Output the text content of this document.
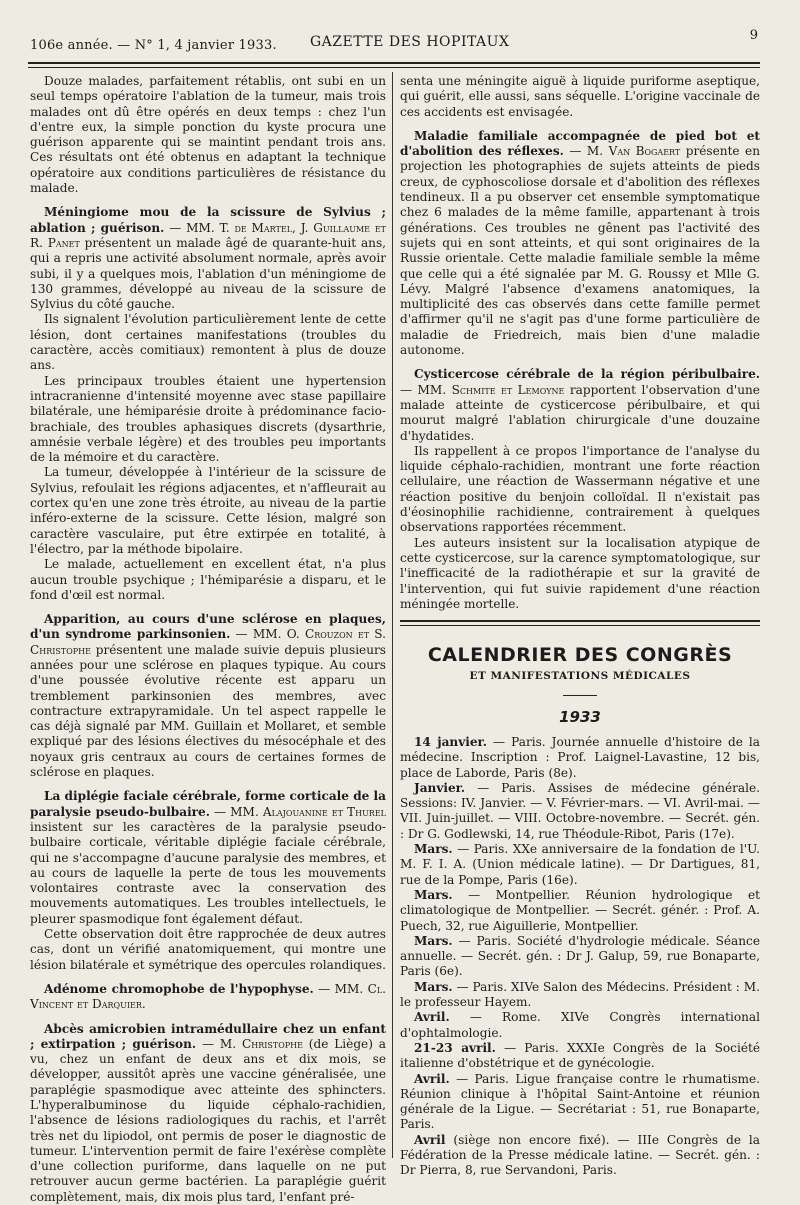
106e année. — N° 1, 4 janvier 1933. GAZETTE DES HOPITAUX	9

Douze malades, parfaitement rétablis, ont subi en un seul temps opératoire l'ablation de la tumeur, mais trois malades ont dû être opérés en deux temps : chez l'un d'entre eux, la simple ponction du kyste procura une guérison apparente qui se maintint pendant trois ans. Ces résultats ont été obtenus en adaptant la technique opératoire aux conditions particulières de résistance du malade.

Méningiome mou de la scissure de Sylvius ; ablation ; guérison. — MM. T. de Martel, J. Guillaume et R. Panet présentent un malade âgé de quarante-huit ans, qui a repris une activité absolument normale, après avoir subi, il y a quelques mois, l'ablation d'un méningiome de 130 grammes, développé au niveau de la scissure de Sylvius du côté gauche.

Ils signalent l'évolution particulièrement lente de cette lésion, dont certaines manifestations (troubles du caractère, accès comitiaux) remontent à plus de douze ans.

Les principaux troubles étaient une hypertension intracranienne d'intensité moyenne avec stase papillaire bilatérale, une hémiparésie droite à prédominance facio-brachiale, des troubles aphasiques discrets (dysarthrie, amnésie verbale légère) et des troubles peu importants de la mémoire et du caractère.

La tumeur, développée à l'intérieur de la scissure de Sylvius, refoulait les régions adjacentes, et n'affleurait au cortex qu'en une zone très étroite, au niveau de la partie inféro-externe de la scissure. Cette lésion, malgré son caractère vasculaire, put être extirpée en totalité, à l'électro, par la méthode bipolaire.

Le malade, actuellement en excellent état, n'a plus aucun trouble psychique ; l'hémiparésie a disparu, et le fond d'œil est normal.

Apparition, au cours d'une sclérose en plaques, d'un syndrome parkinsonien. — MM. O. Crouzon et S. Christophe présentent une malade suivie depuis plusieurs années pour une sclérose en plaques typique. Au cours d'une poussée évolutive récente est apparu un tremblement parkinsonien des membres, avec contracture extrapyramidale. Un tel aspect rappelle le cas déjà signalé par MM. Guillain et Mollaret, et semble expliqué par des lésions électives du mésocéphale et des noyaux gris centraux au cours de certaines formes de sclérose en plaques.

La diplégie faciale cérébrale, forme corticale de la paralysie pseudo-bulbaire. — MM. Alajouanine et Thurel insistent sur les caractères de la paralysie pseudo-bulbaire corticale, véritable diplégie faciale cérébrale, qui ne s'accompagne d'aucune paralysie des membres, et au cours de laquelle la perte de tous les mouvements volontaires contraste avec la conservation des mouvements automatiques. Les troubles intellectuels, le pleurer spasmodique font également défaut.

Cette observation doit être rapprochée de deux autres cas, dont un vérifié anatomiquement, qui montre une lésion bilatérale et symétrique des opercules rolandiques.

Adénome chromophobe de l'hypophyse. — MM. Cl. Vincent et Darquier.

Abcès amicrobien intramédullaire chez un enfant ; extirpation ; guérison. — M. Christophe (de Liège) a vu, chez un enfant de deux ans et dix mois, se développer, aussitôt après une vaccine généralisée, une paraplégie spasmodique avec atteinte des sphincters. L'hyperalbuminose du liquide céphalo-rachidien, l'absence de lésions radiologiques du rachis, et l'arrêt très net du lipiodol, ont permis de poser le diagnostic de tumeur. L'intervention permit de faire l'exérèse complète d'une collection puriforme, dans laquelle on ne put retrouver aucun germe bactérien. La paraplégie guérit complètement, mais, dix mois plus tard, l'enfant pré-

senta une méningite aiguë à liquide puriforme aseptique, qui guérit, elle aussi, sans séquelle. L'origine vaccinale de ces accidents est envisagée.

Maladie familiale accompagnée de pied bot et d'abolition des réflexes. — M. Van Bogaert présente en projection les photographies de sujets atteints de pieds creux, de cyphoscoliose dorsale et d'abolition des réflexes tendineux. Il a pu observer cet ensemble symptomatique chez 6 malades de la même famille, appartenant à trois générations. Ces troubles ne gênent pas l'activité des sujets qui en sont atteints, et qui sont originaires de la Russie orientale. Cette maladie familiale semble la même que celle qui a été signalée par M. G. Roussy et Mlle G. Lévy. Malgré l'absence d'examens anatomiques, la multiplicité des cas observés dans cette famille permet d'affirmer qu'il ne s'agit pas d'une forme particulière de maladie de Friedreich, mais bien d'une maladie autonome.

Cysticercose cérébrale de la région péribulbaire. — MM. Schmite et Lemoyne rapportent l'observation d'une malade atteinte de cysticercose péribulbaire, et qui mourut malgré l'ablation chirurgicale d'une douzaine d'hydatides.

Ils rappellent à ce propos l'importance de l'analyse du liquide céphalo-rachidien, montrant une forte réaction cellulaire, une réaction de Wassermann négative et une réaction positive du benjoin colloïdal. Il n'existait pas d'éosinophilie rachidienne, contrairement à quelques observations rapportées récemment.

Les auteurs insistent sur la localisation atypique de cette cysticercose, sur la carence symptomatologique, sur l'inefficacité de la radiothérapie et sur la gravité de l'intervention, qui fut suivie rapidement d'une réaction méningée mortelle.

CALENDRIER DES CONGRÈS
ET MANIFESTATIONS MÉDICALES
1933

14 janvier. — Paris. Journée annuelle d'histoire de la médecine. Inscription : Prof. Laignel-Lavastine, 12 bis, place de Laborde, Paris (8e).

Janvier. — Paris. Assises de médecine générale. Sessions: IV. Janvier. — V. Février-mars. — VI. Avril-mai. — VII. Juin-juillet. — VIII. Octobre-novembre. — Secrét. gén. : Dr G. Godlewski, 14, rue Théodule-Ribot, Paris (17e).

Mars. — Paris. XXe anniversaire de la fondation de l'U. M. F. I. A. (Union médicale latine). — Dr Dartigues, 81, rue de la Pompe, Paris (16e).

Mars. — Montpellier. Réunion hydrologique et climatologique de Montpellier. — Secrét. génér. : Prof. A. Puech, 32, rue Aiguillerie, Montpellier.

Mars. — Paris. Société d'hydrologie médicale. Séance annuelle. — Secrét. gén. : Dr J. Galup, 59, rue Bonaparte, Paris (6e).

Mars. — Paris. XIVe Salon des Médecins. Président : M. le professeur Hayem.

Avril. — Rome. XIVe Congrès international d'ophtalmologie.

21-23 avril. — Paris. XXXIe Congrès de la Société italienne d'obstétrique et de gynécologie.

Avril. — Paris. Ligue française contre le rhumatisme. Réunion clinique à l'hôpital Saint-Antoine et réunion générale de la Ligue. — Secrétariat : 51, rue Bonaparte, Paris.

Avril (siège non encore fixé). — IIIe Congrès de la Fédération de la Presse médicale latine. — Secrét. gén. : Dr Pierra, 8, rue Servandoni, Paris.
